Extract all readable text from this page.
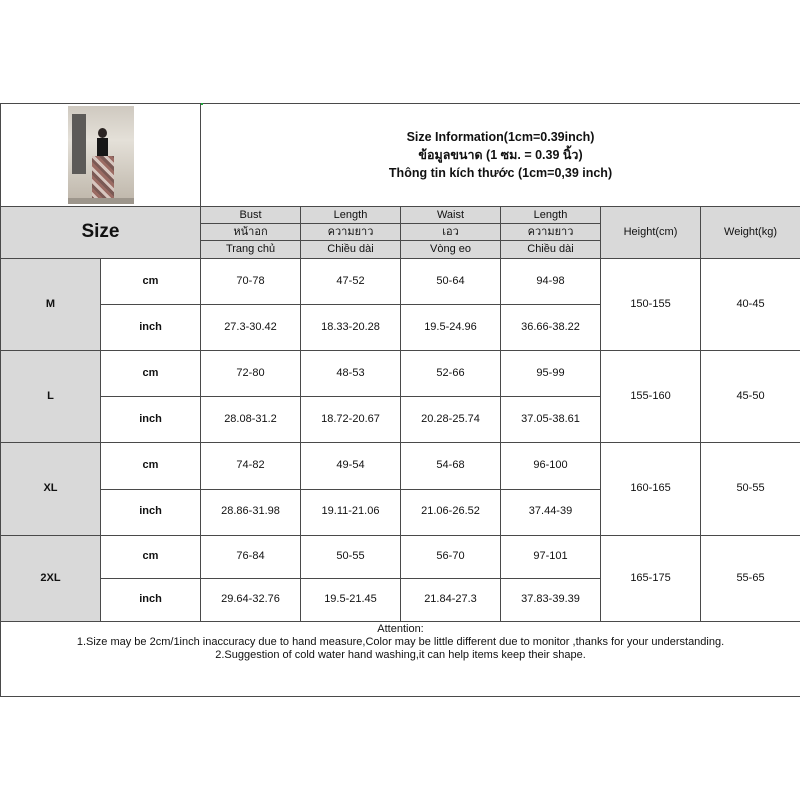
		Size Information(1cm=0.39inch)
ข้อมูลขนาด (1 ซม. = 0.39 นิ้ว)
Thông tin kích thước (1cm=0,39 inch)					

Size		Bust	Length	Waist	Length	Height(cm)	Weight(kg)
		หน้าอก	ความยาว	เอว	ความยาว		
		Trang chủ	Chiều dài	Vòng eo	Chiều dài		
M	cm	70-78	47-52	50-64	94-98	150-155	40-45
	inch	27.3-30.42	18.33-20.28	19.5-24.96	36.66-38.22		
L	cm	72-80	48-53	52-66	95-99	155-160	45-50
	inch	28.08-31.2	18.72-20.67	20.28-25.74	37.05-38.61		
XL	cm	74-82	49-54	54-68	96-100	160-165	50-55
	inch	28.86-31.98	19.11-21.06	21.06-26.52	37.44-39		
2XL	cm	76-84	50-55	56-70	97-101	165-175	55-65
	inch	29.64-32.76	19.5-21.45	21.84-27.3	37.83-39.39		

Attention:
1.Size may be 2cm/1inch inaccuracy due to hand measure,Color may be little different due to monitor ,thanks for your understanding.
2.Suggestion of cold water hand washing,it can help items keep their shape.							
